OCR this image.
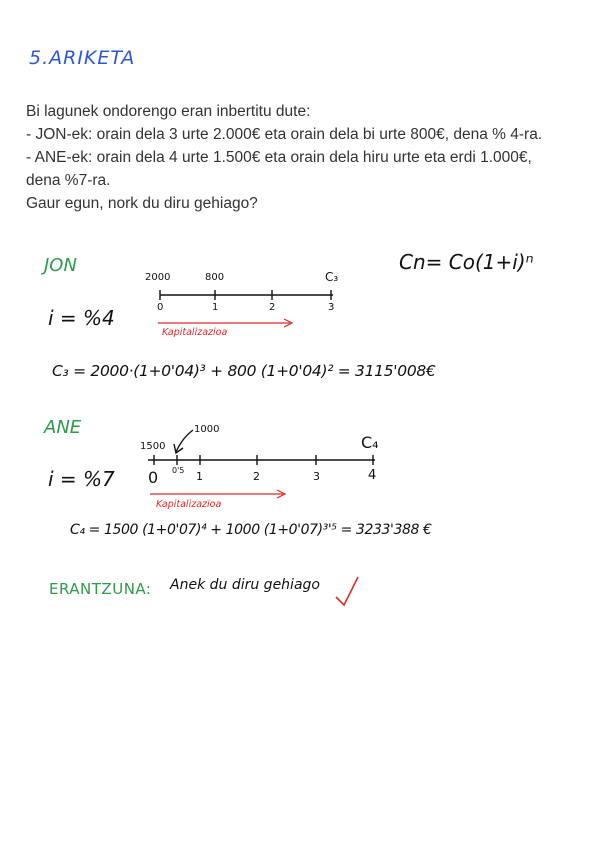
5.ARIKETA
Bi lagunek ondorengo eran inbertitu dute:
- JON-ek: orain dela 3 urte 2.000€ eta orain dela bi urte 800€, dena % 4-ra.
- ANE-ek: orain dela 4 urte 1.500€ eta orain dela hiru urte eta erdi 1.000€,
dena %7-ra.
Gaur egun, nork du diru gehiago?
Cn= Co(1+i)ⁿ
JON
i = %4
2000	800	C₃
0	1	2	3
Kapitalizazioa
C₃ = 2000·(1+0'04)³ + 800 (1+0'04)² = 3115'008€
ANE
i = %7
1500
1000
C₄
0 0'5 1	2	3	4
Kapitalizazioa
C₄ = 1500 (1+0'07)⁴ + 1000 (1+0'07)³'⁵ = 3233'388 €
ERANTZUNA: Anek du diru gehiago
